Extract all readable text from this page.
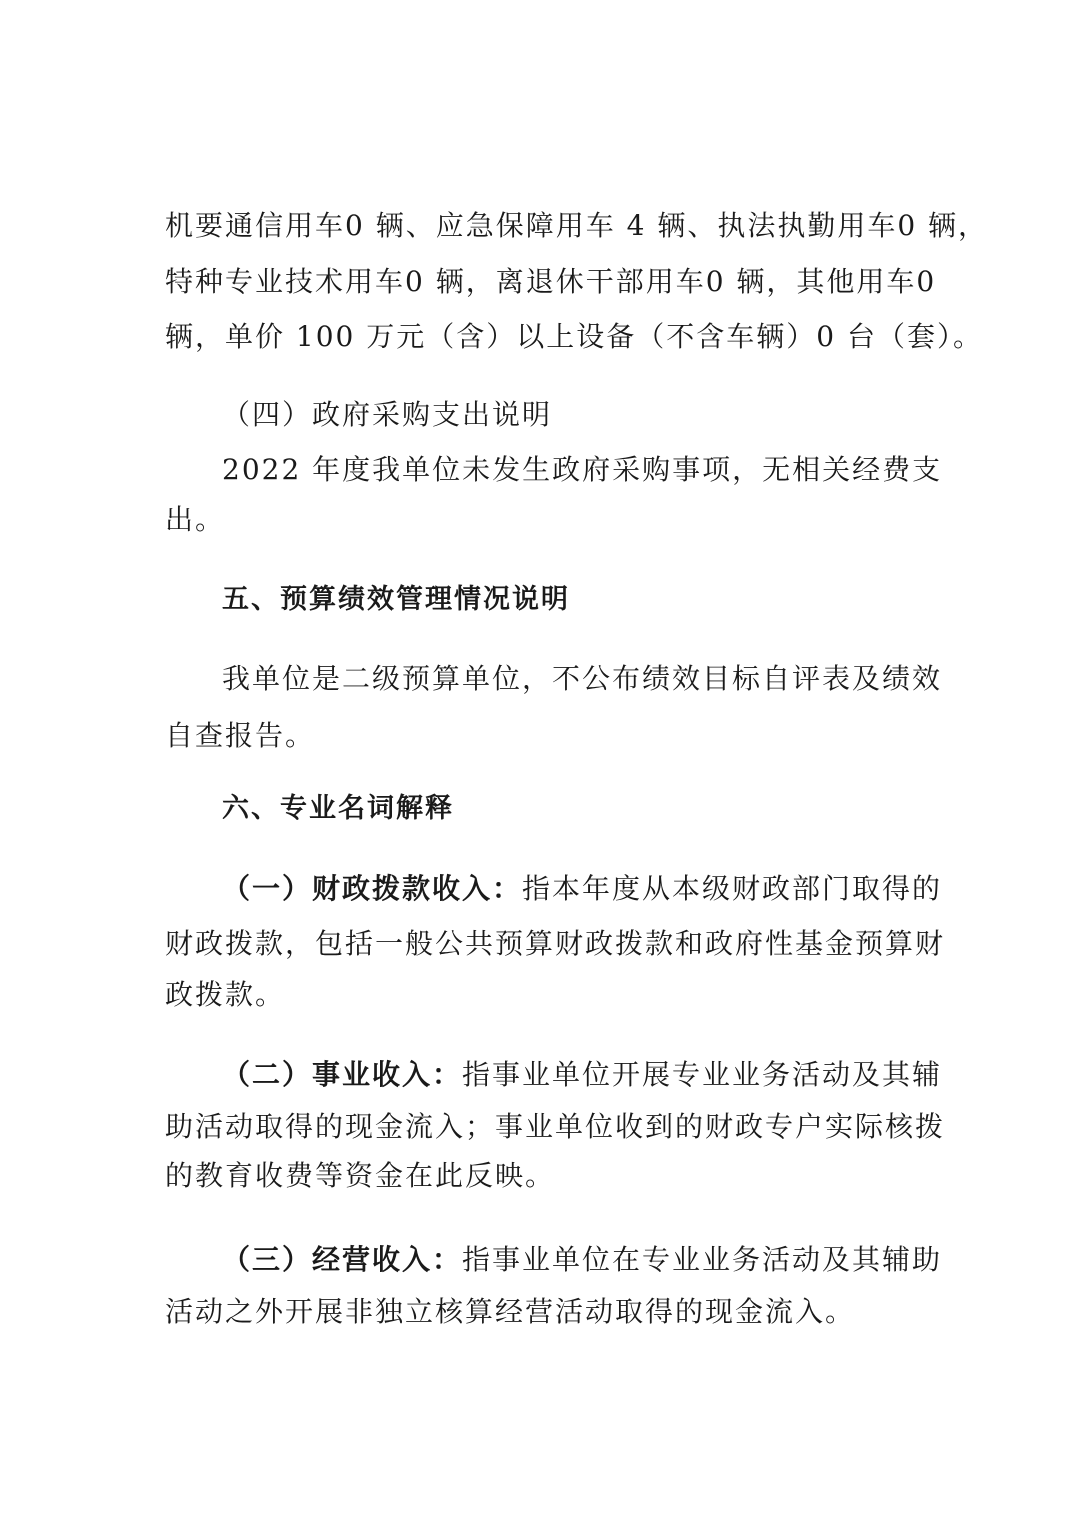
机要通信用车0 辆、应急保障用车 4 辆、执法执勤用车0 辆，
特种专业技术用车0 辆，离退休干部用车0 辆，其他用车0
辆，单价 100 万元（含）以上设备（不含车辆）0 台（套）。
（四）政府采购支出说明
2022 年度我单位未发生政府采购事项，无相关经费支
出。
五、预算绩效管理情况说明
我单位是二级预算单位，不公布绩效目标自评表及绩效
自查报告。
六、专业名词解释
（一）财政拨款收入：指本年度从本级财政部门取得的
财政拨款，包括一般公共预算财政拨款和政府性基金预算财
政拨款。
（二）事业收入：指事业单位开展专业业务活动及其辅
助活动取得的现金流入；事业单位收到的财政专户实际核拨
的教育收费等资金在此反映。
（三）经营收入：指事业单位在专业业务活动及其辅助
活动之外开展非独立核算经营活动取得的现金流入。
